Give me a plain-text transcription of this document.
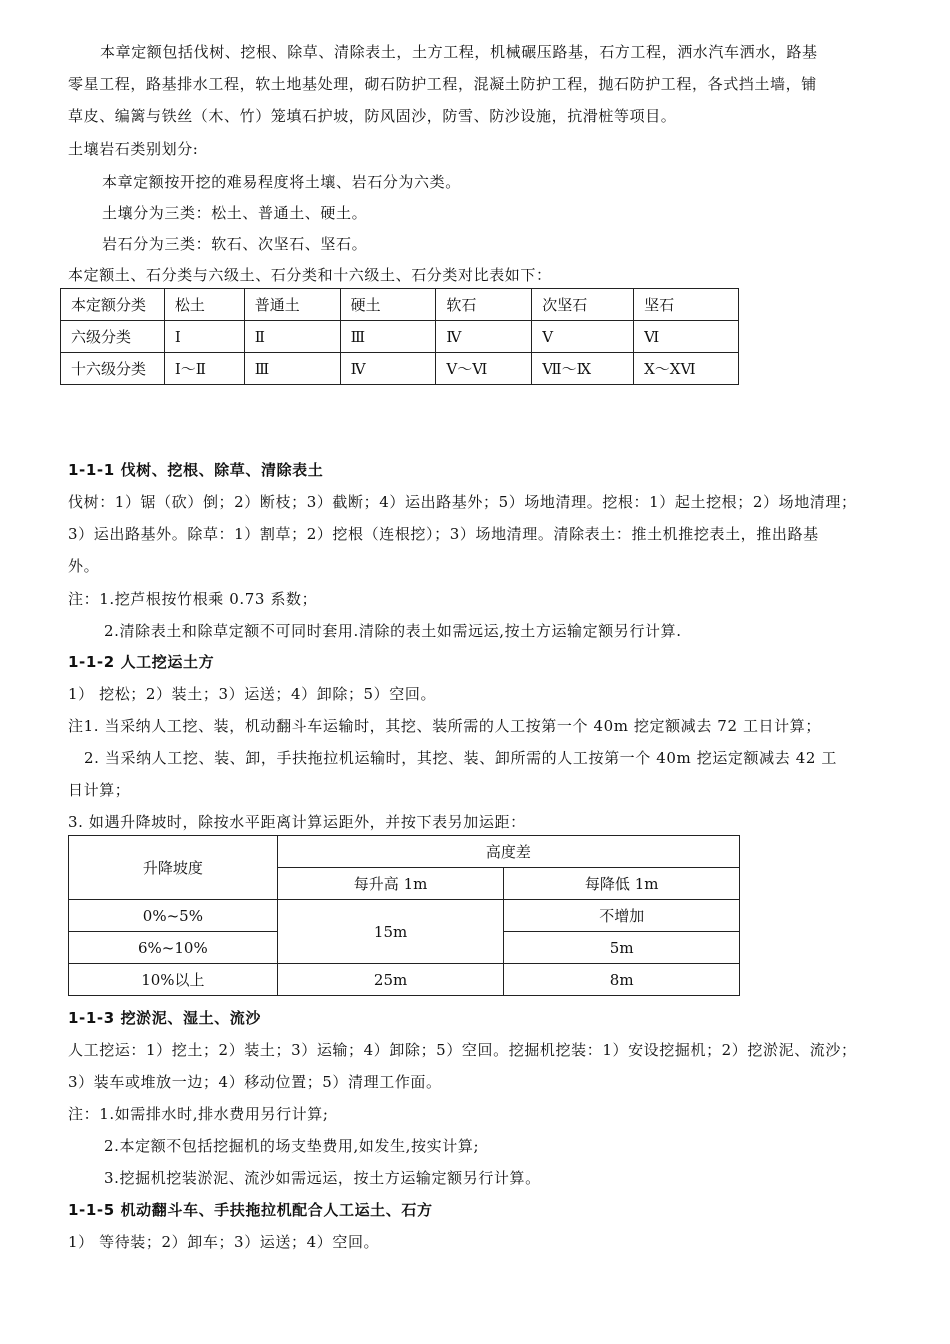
本章定额包括伐树、挖根、除草、清除表土，土方工程，机械碾压路基，石方工程，洒水汽车洒水，路基
零星工程，路基排水工程，软土地基处理，砌石防护工程，混凝土防护工程，抛石防护工程，各式挡土墙，铺
草皮、编篱与铁丝（木、竹）笼填石护坡，防风固沙，防雪、防沙设施，抗滑桩等项目。
土壤岩石类别划分:
本章定额按开挖的难易程度将土壤、岩石分为六类。
土壤分为三类：松土、普通土、硬土。
岩石分为三类：软石、次坚石、坚石。
本定额土、石分类与六级土、石分类和十六级土、石分类对比表如下：
本定额分类	松土	普通土	硬土	软石	次坚石	坚石
六级分类	Ⅰ	Ⅱ	Ⅲ	Ⅳ	Ⅴ	Ⅵ
十六级分类	Ⅰ～Ⅱ	Ⅲ	Ⅳ	Ⅴ～Ⅵ	Ⅶ～Ⅸ	Ⅹ～ⅩⅥ
1-1-1 伐树、挖根、除草、清除表土
伐树：1）锯（砍）倒；2）断枝；3）截断；4）运出路基外；5）场地清理。挖根：1）起土挖根；2）场地清理；
3）运出路基外。除草：1）割草；2）挖根（连根挖）；3）场地清理。清除表土：推土机推挖表土，推出路基
外。
注：1.挖芦根按竹根乘 0.73 系数；
2.清除表土和除草定额不可同时套用.清除的表土如需远运,按土方运输定额另行计算.
1-1-2 人工挖运土方
1） 挖松；2）装土；3）运送；4）卸除；5）空回。
注1. 当采纳人工挖、装，机动翻斗车运输时，其挖、装所需的人工按第一个 40m 挖定额减去 72 工日计算；
2. 当采纳人工挖、装、卸，手扶拖拉机运输时，其挖、装、卸所需的人工按第一个 40m 挖运定额减去 42 工
日计算；
3. 如遇升降坡时，除按水平距离计算运距外，并按下表另加运距：
升降坡度	高度差	
	每升高 1m	每降低 1m
0%~5%	15m	不增加
6%~10%		5m
10%以上	25m	8m
1-1-3 挖淤泥、湿土、流沙
人工挖运：1）挖土；2）装土；3）运输；4）卸除；5）空回。挖掘机挖装：1）安设挖掘机；2）挖淤泥、流沙；
3）装车或堆放一边；4）移动位置；5）清理工作面。
注：1.如需排水时,排水费用另行计算;
2.本定额不包括挖掘机的场支垫费用,如发生,按实计算;
3.挖掘机挖装淤泥、流沙如需远运，按土方运输定额另行计算。
1-1-5 机动翻斗车、手扶拖拉机配合人工运土、石方
1） 等待装；2）卸车；3）运送；4）空回。
